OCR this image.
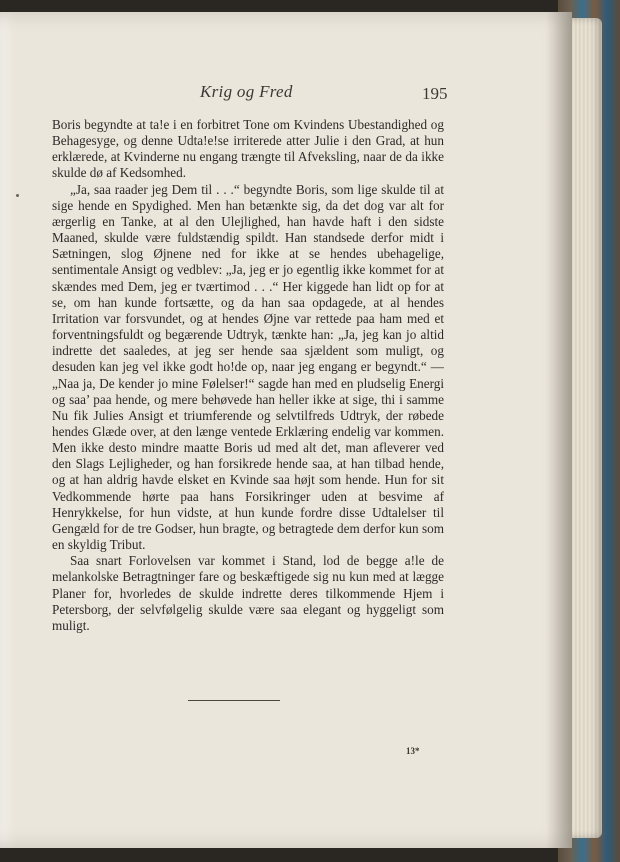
Krig og Fred	195

Boris begyndte at ta!e i en forbitret Tone om Kvindens Ubestandighed og Behagesyge, og denne Udta!e!se irriterede atter Julie i den Grad, at hun erklærede, at Kvinderne nu engang trængte til Afveksling, naar de da ikke skulde dø af Kedsomhed.

„Ja, saa raader jeg Dem til . . .“ begyndte Boris, som lige skulde til at sige hende en Spydighed. Men han betænkte sig, da det dog var alt for ærgerlig en Tanke, at al den Ulejlighed, han havde haft i den sidste Maaned, skulde være fuldstændig spildt. Han standsede derfor midt i Sætningen, slog Øjnene ned for ikke at se hendes ubehagelige, sentimentale Ansigt og vedblev: „Ja, jeg er jo egentlig ikke kommet for at skændes med Dem, jeg er tværtimod . . .“ Her kiggede han lidt op for at se, om han kunde fortsætte, og da han saa opdagede, at al hendes Irritation var forsvundet, og at hendes Øjne var rettede paa ham med et forventningsfuldt og begærende Udtryk, tænkte han: „Ja, jeg kan jo altid indrette det saaledes, at jeg ser hende saa sjældent som muligt, og desuden kan jeg vel ikke godt ho!de op, naar jeg engang er begyndt.“ — „Naa ja, De kender jo mine Følelser!“ sagde han med en pludselig Energi og saa’ paa hende, og mere behøvede han heller ikke at sige, thi i samme Nu fik Julies Ansigt et triumferende og selvtilfreds Udtryk, der røbede hendes Glæde over, at den længe ventede Erklæring endelig var kommen. Men ikke desto mindre maatte Boris ud med alt det, man afleverer ved den Slags Lejligheder, og han forsikrede hende saa, at han tilbad hende, og at han aldrig havde elsket en Kvinde saa højt som hende. Hun for sit Vedkommende hørte paa hans Forsikringer uden at besvime af Henrykkelse, for hun vidste, at hun kunde fordre disse Udtalelser til Gengæld for de tre Godser, hun bragte, og betragtede dem derfor kun som en skyldig Tribut.

Saa snart Forlovelsen var kommet i Stand, lod de begge a!le de melankolske Betragtninger fare og beskæftigede sig nu kun med at lægge Planer for, hvorledes de skulde indrette deres tilkommende Hjem i Petersborg, der selvfølgelig skulde være saa elegant og hyggeligt som muligt.

13*
